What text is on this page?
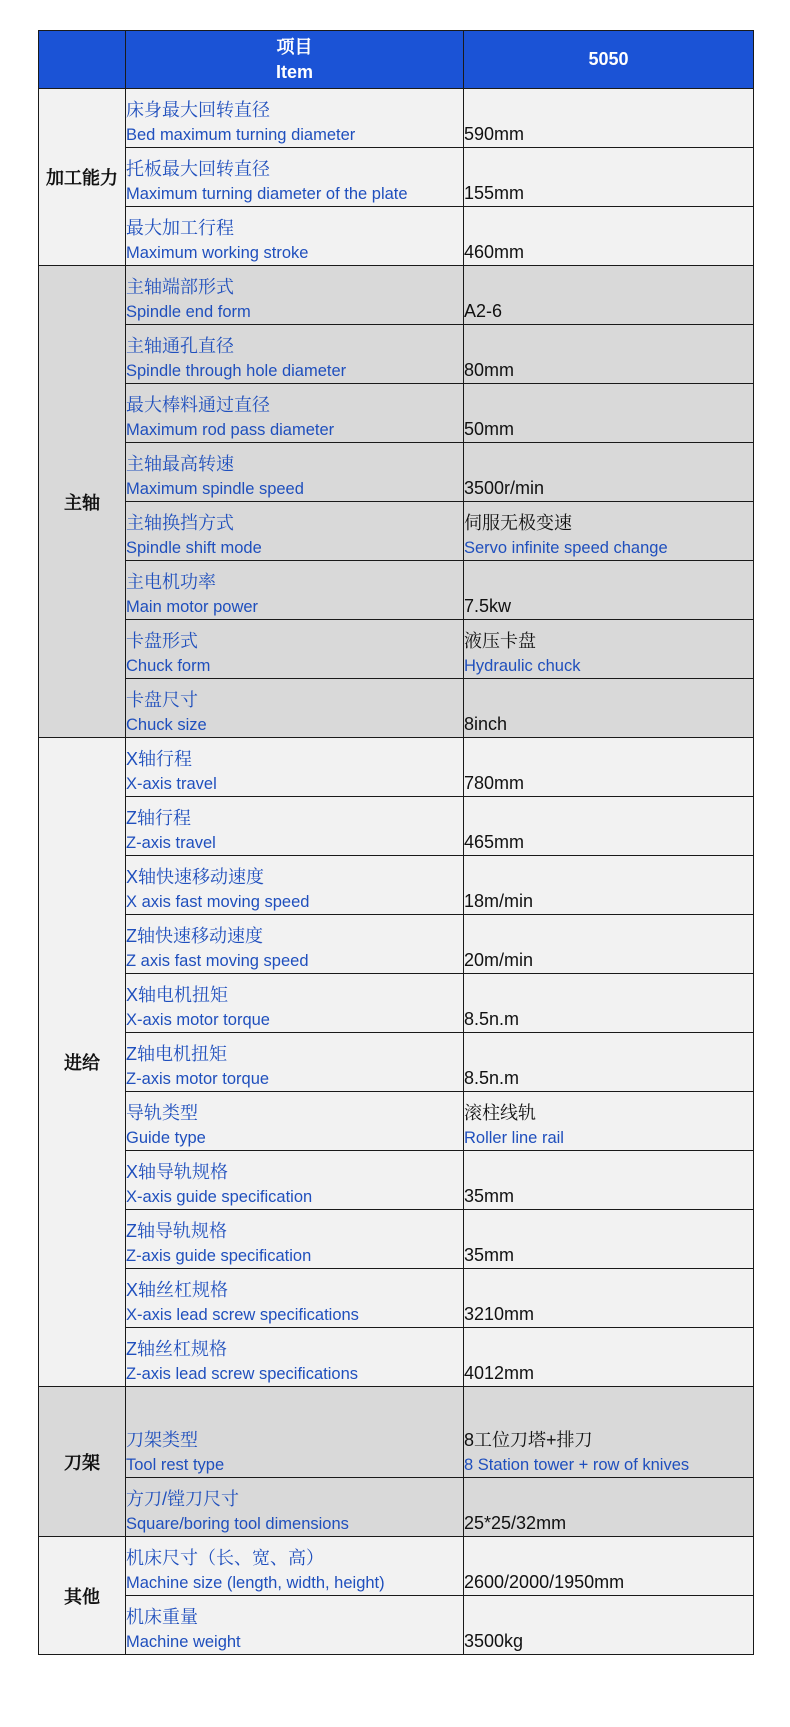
	项目
Item	5050
加工能力	床身最大回转直径
Bed maximum turning diameter	590mm

	托板最大回转直径
Maximum turning diameter of the plate	155mm

	最大加工行程
Maximum working stroke	460mm

主轴	主轴端部形式
Spindle end form	A2-6

	主轴通孔直径
Spindle through hole diameter	80mm

	最大棒料通过直径
Maximum rod pass diameter	50mm

	主轴最高转速
Maximum spindle speed	3500r/min

	主轴换挡方式
Spindle shift mode	伺服无极变速
Servo infinite speed change

	主电机功率
Main motor power	7.5kw

	卡盘形式
Chuck form	液压卡盘
Hydraulic chuck

	卡盘尺寸
Chuck size	8inch

进给	X轴行程
X-axis travel	780mm

	Z轴行程
Z-axis travel	465mm

	X轴快速移动速度
X axis fast moving speed	18m/min

	Z轴快速移动速度
Z axis fast moving speed	20m/min

	X轴电机扭矩
X-axis motor torque	8.5n.m

	Z轴电机扭矩
Z-axis motor torque	8.5n.m

	导轨类型
Guide type	滚柱线轨
Roller line rail

	X轴导轨规格
X-axis guide specification	35mm

	Z轴导轨规格
Z-axis guide specification	35mm

	X轴丝杠规格
X-axis lead screw specifications	3210mm

	Z轴丝杠规格
Z-axis lead screw specifications	4012mm

刀架	刀架类型
Tool rest type	8工位刀塔+排刀
8 Station tower + row of knives

	方刀/镗刀尺寸
Square/boring tool dimensions	25*25/32mm

其他	机床尺寸（长、宽、高）
Machine size (length, width, height)	2600/2000/1950mm

	机床重量
Machine weight	3500kg
